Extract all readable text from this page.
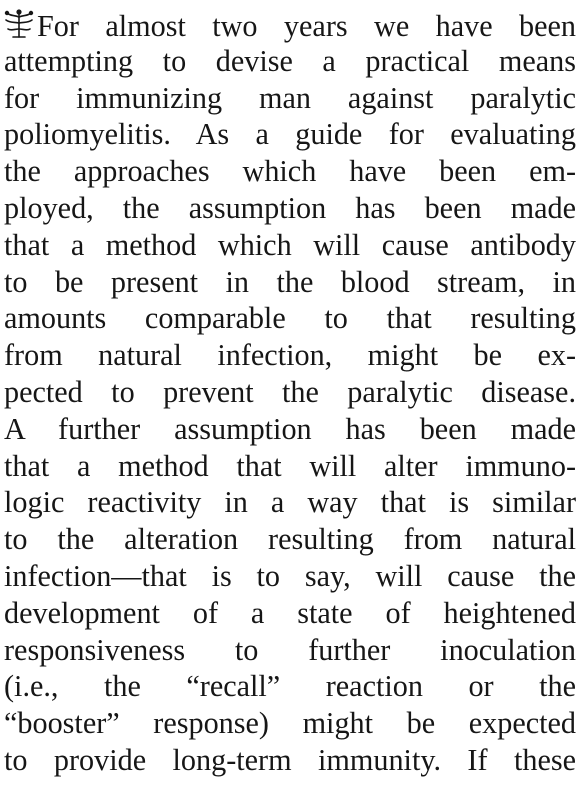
For almost two years we have been
attempting to devise a practical means
for immunizing man against paralytic
poliomyelitis. As a guide for evaluating
the approaches which have been em-
ployed, the assumption has been made
that a method which will cause antibody
to be present in the blood stream, in
amounts comparable to that resulting
from natural infection, might be ex-
pected to prevent the paralytic disease.
A further assumption has been made
that a method that will alter immuno-
logic reactivity in a way that is similar
to the alteration resulting from natural
infection—that is to say, will cause the
development of a state of heightened
responsiveness to further inoculation
(i.e., the “recall” reaction or the
“booster” response) might be expected
to provide long-term immunity. If these
